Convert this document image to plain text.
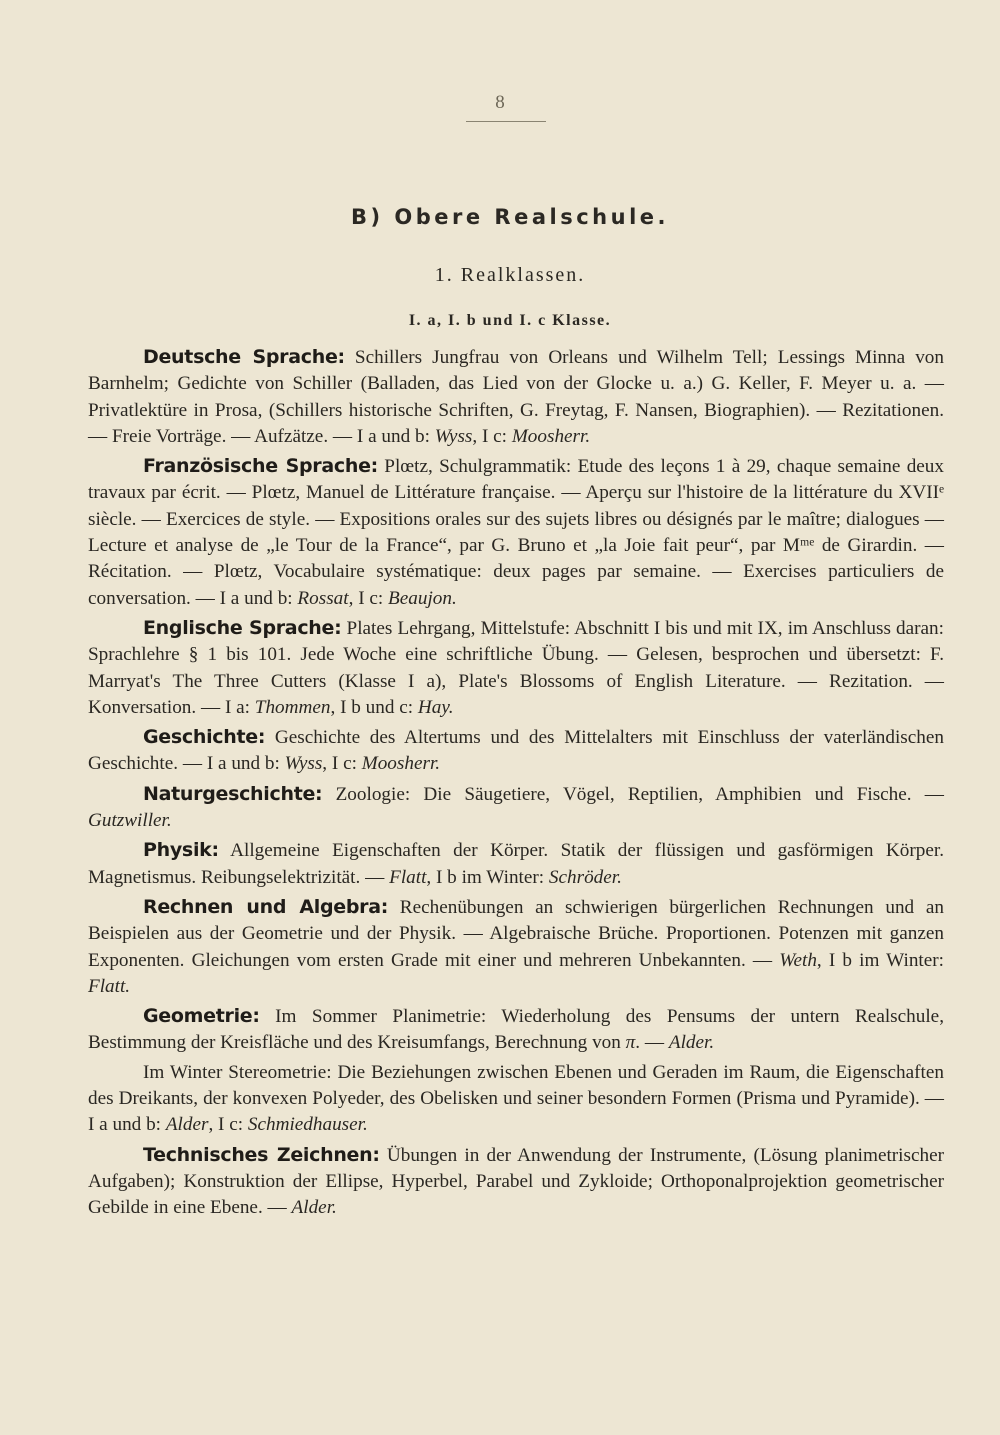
8
B) Obere Realschule.
1. Realklassen.
I. a, I. b und I. c Klasse.

Deutsche Sprache: Schillers Jungfrau von Orleans und Wilhelm Tell; Lessings Minna von Barnhelm; Gedichte von Schiller (Balladen, das Lied von der Glocke u. a.) G. Keller, F. Meyer u. a. — Privatlektüre in Prosa, (Schillers historische Schriften, G. Freytag, F. Nansen, Biographien). — Rezitationen. — Freie Vorträge. — Aufzätze. — I a und b: Wyss, I c: Moosherr.

Französische Sprache: Plœtz, Schulgrammatik: Etude des leçons 1 à 29, chaque semaine deux travaux par écrit. — Plœtz, Manuel de Littérature française. — Aperçu sur l'histoire de la littérature du XVIIᵉ siècle. — Exercices de style. — Expositions orales sur des sujets libres ou désignés par le maître; dialogues — Lecture et analyse de „le Tour de la France“, par G. Bruno et „la Joie fait peur“, par Mᵐᵉ de Girardin. — Récitation. — Plœtz, Vocabulaire systématique: deux pages par semaine. — Exercises particuliers de conversation. — I a und b: Rossat, I c: Beaujon.

Englische Sprache: Plates Lehrgang, Mittelstufe: Abschnitt I bis und mit IX, im Anschluss daran: Sprachlehre § 1 bis 101. Jede Woche eine schriftliche Übung. — Gelesen, besprochen und übersetzt: F. Marryat's The Three Cutters (Klasse I a), Plate's Blossoms of English Literature. — Rezitation. — Konversation. — I a: Thommen, I b und c: Hay.

Geschichte: Geschichte des Altertums und des Mittelalters mit Einschluss der vaterländischen Geschichte. — I a und b: Wyss, I c: Moosherr.

Naturgeschichte: Zoologie: Die Säugetiere, Vögel, Reptilien, Amphibien und Fische. — Gutzwiller.

Physik: Allgemeine Eigenschaften der Körper. Statik der flüssigen und gasförmigen Körper. Magnetismus. Reibungselektrizität. — Flatt, I b im Winter: Schröder.

Rechnen und Algebra: Rechenübungen an schwierigen bürgerlichen Rechnungen und an Beispielen aus der Geometrie und der Physik. — Algebraische Brüche. Proportionen. Potenzen mit ganzen Exponenten. Gleichungen vom ersten Grade mit einer und mehreren Unbekannten. — Weth, I b im Winter: Flatt.

Geometrie: Im Sommer Planimetrie: Wiederholung des Pensums der untern Realschule, Bestimmung der Kreisfläche und des Kreisumfangs, Berechnung von π. — Alder.

Im Winter Stereometrie: Die Beziehungen zwischen Ebenen und Geraden im Raum, die Eigenschaften des Dreikants, der konvexen Polyeder, des Obelisken und seiner besondern Formen (Prisma und Pyramide). — I a und b: Alder, I c: Schmiedhauser.

Technisches Zeichnen: Übungen in der Anwendung der Instrumente, (Lösung planimetrischer Aufgaben); Konstruktion der Ellipse, Hyperbel, Parabel und Zykloide; Orthoponalprojektion geometrischer Gebilde in eine Ebene. — Alder.
